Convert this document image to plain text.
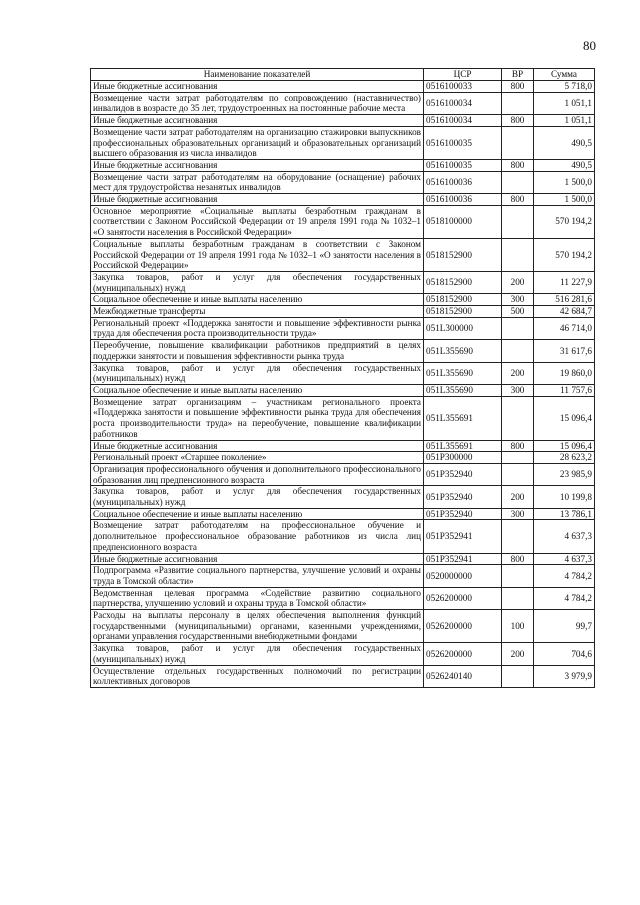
80
Наименование показателей	ЦСР	ВР	Сумма
Иные бюджетные ассигнования	0516100033	800	5 718,0
Возмещение части затрат работодателям по сопровождению (наставничество) инвалидов в возрасте до 35 лет, трудоустроенных на постоянные рабочие места	0516100034		1 051,1
Иные бюджетные ассигнования	0516100034	800	1 051,1
Возмещение части затрат работодателям на организацию стажировки выпускников профессиональных образовательных организаций и образовательных организаций высшего образования из числа инвалидов	0516100035		490,5
Иные бюджетные ассигнования	0516100035	800	490,5
Возмещение части затрат работодателям на оборудование (оснащение) рабочих мест для трудоустройства незанятых инвалидов	0516100036		1 500,0
Иные бюджетные ассигнования	0516100036	800	1 500,0
Основное мероприятие «Социальные выплаты безработным гражданам в соответствии с Законом Российской Федерации от 19 апреля 1991 года № 1032–1 «О занятости населения в Российской Федерации»	0518100000		570 194,2
Социальные выплаты безработным гражданам в соответствии с Законом Российской Федерации от 19 апреля 1991 года № 1032–1 «О занятости населения в Российской Федерации»	0518152900		570 194,2
Закупка товаров, работ и услуг для обеспечения государственных (муниципальных) нужд	0518152900	200	11 227,9
Социальное обеспечение и иные выплаты населению	0518152900	300	516 281,6
Межбюджетные трансферты	0518152900	500	42 684,7
Региональный проект «Поддержка занятости и повышение эффективности рынка труда для обеспечения роста производительности труда»	051L300000		46 714,0
Переобучение, повышение квалификации работников предприятий в целях поддержки занятости и повышения эффективности рынка труда	051L355690		31 617,6
Закупка товаров, работ и услуг для обеспечения государственных (муниципальных) нужд	051L355690	200	19 860,0
Социальное обеспечение и иные выплаты населению	051L355690	300	11 757,6
Возмещение затрат организациям – участникам регионального проекта «Поддержка занятости и повышение эффективности рынка труда для обеспечения роста производительности труда» на переобучение, повышение квалификации работников	051L355691		15 096,4
Иные бюджетные ассигнования	051L355691	800	15 096,4
Региональный проект «Старшее поколение»	051P300000		28 623,2
Организация профессионального обучения и дополнительного профессионального образования лиц предпенсионного возраста	051P352940		23 985,9
Закупка товаров, работ и услуг для обеспечения государственных (муниципальных) нужд	051P352940	200	10 199,8
Социальное обеспечение и иные выплаты населению	051P352940	300	13 786,1
Возмещение затрат работодателям на профессиональное обучение и дополнительное профессиональное образование работников из числа лиц предпенсионного возраста	051P352941		4 637,3
Иные бюджетные ассигнования	051P352941	800	4 637,3
Подпрограмма «Развитие социального партнерства, улучшение условий и охраны труда в Томской области»	0520000000		4 784,2
Ведомственная целевая программа «Содействие развитию социального партнерства, улучшению условий и охраны труда в Томской области»	0526200000		4 784,2
Расходы на выплаты персоналу в целях обеспечения выполнения функций государственными (муниципальными) органами, казенными учреждениями, органами управления государственными внебюджетными фондами	0526200000	100	99,7
Закупка товаров, работ и услуг для обеспечения государственных (муниципальных) нужд	0526200000	200	704,6
Осуществление отдельных государственных полномочий по регистрации коллективных договоров	0526240140		3 979,9
